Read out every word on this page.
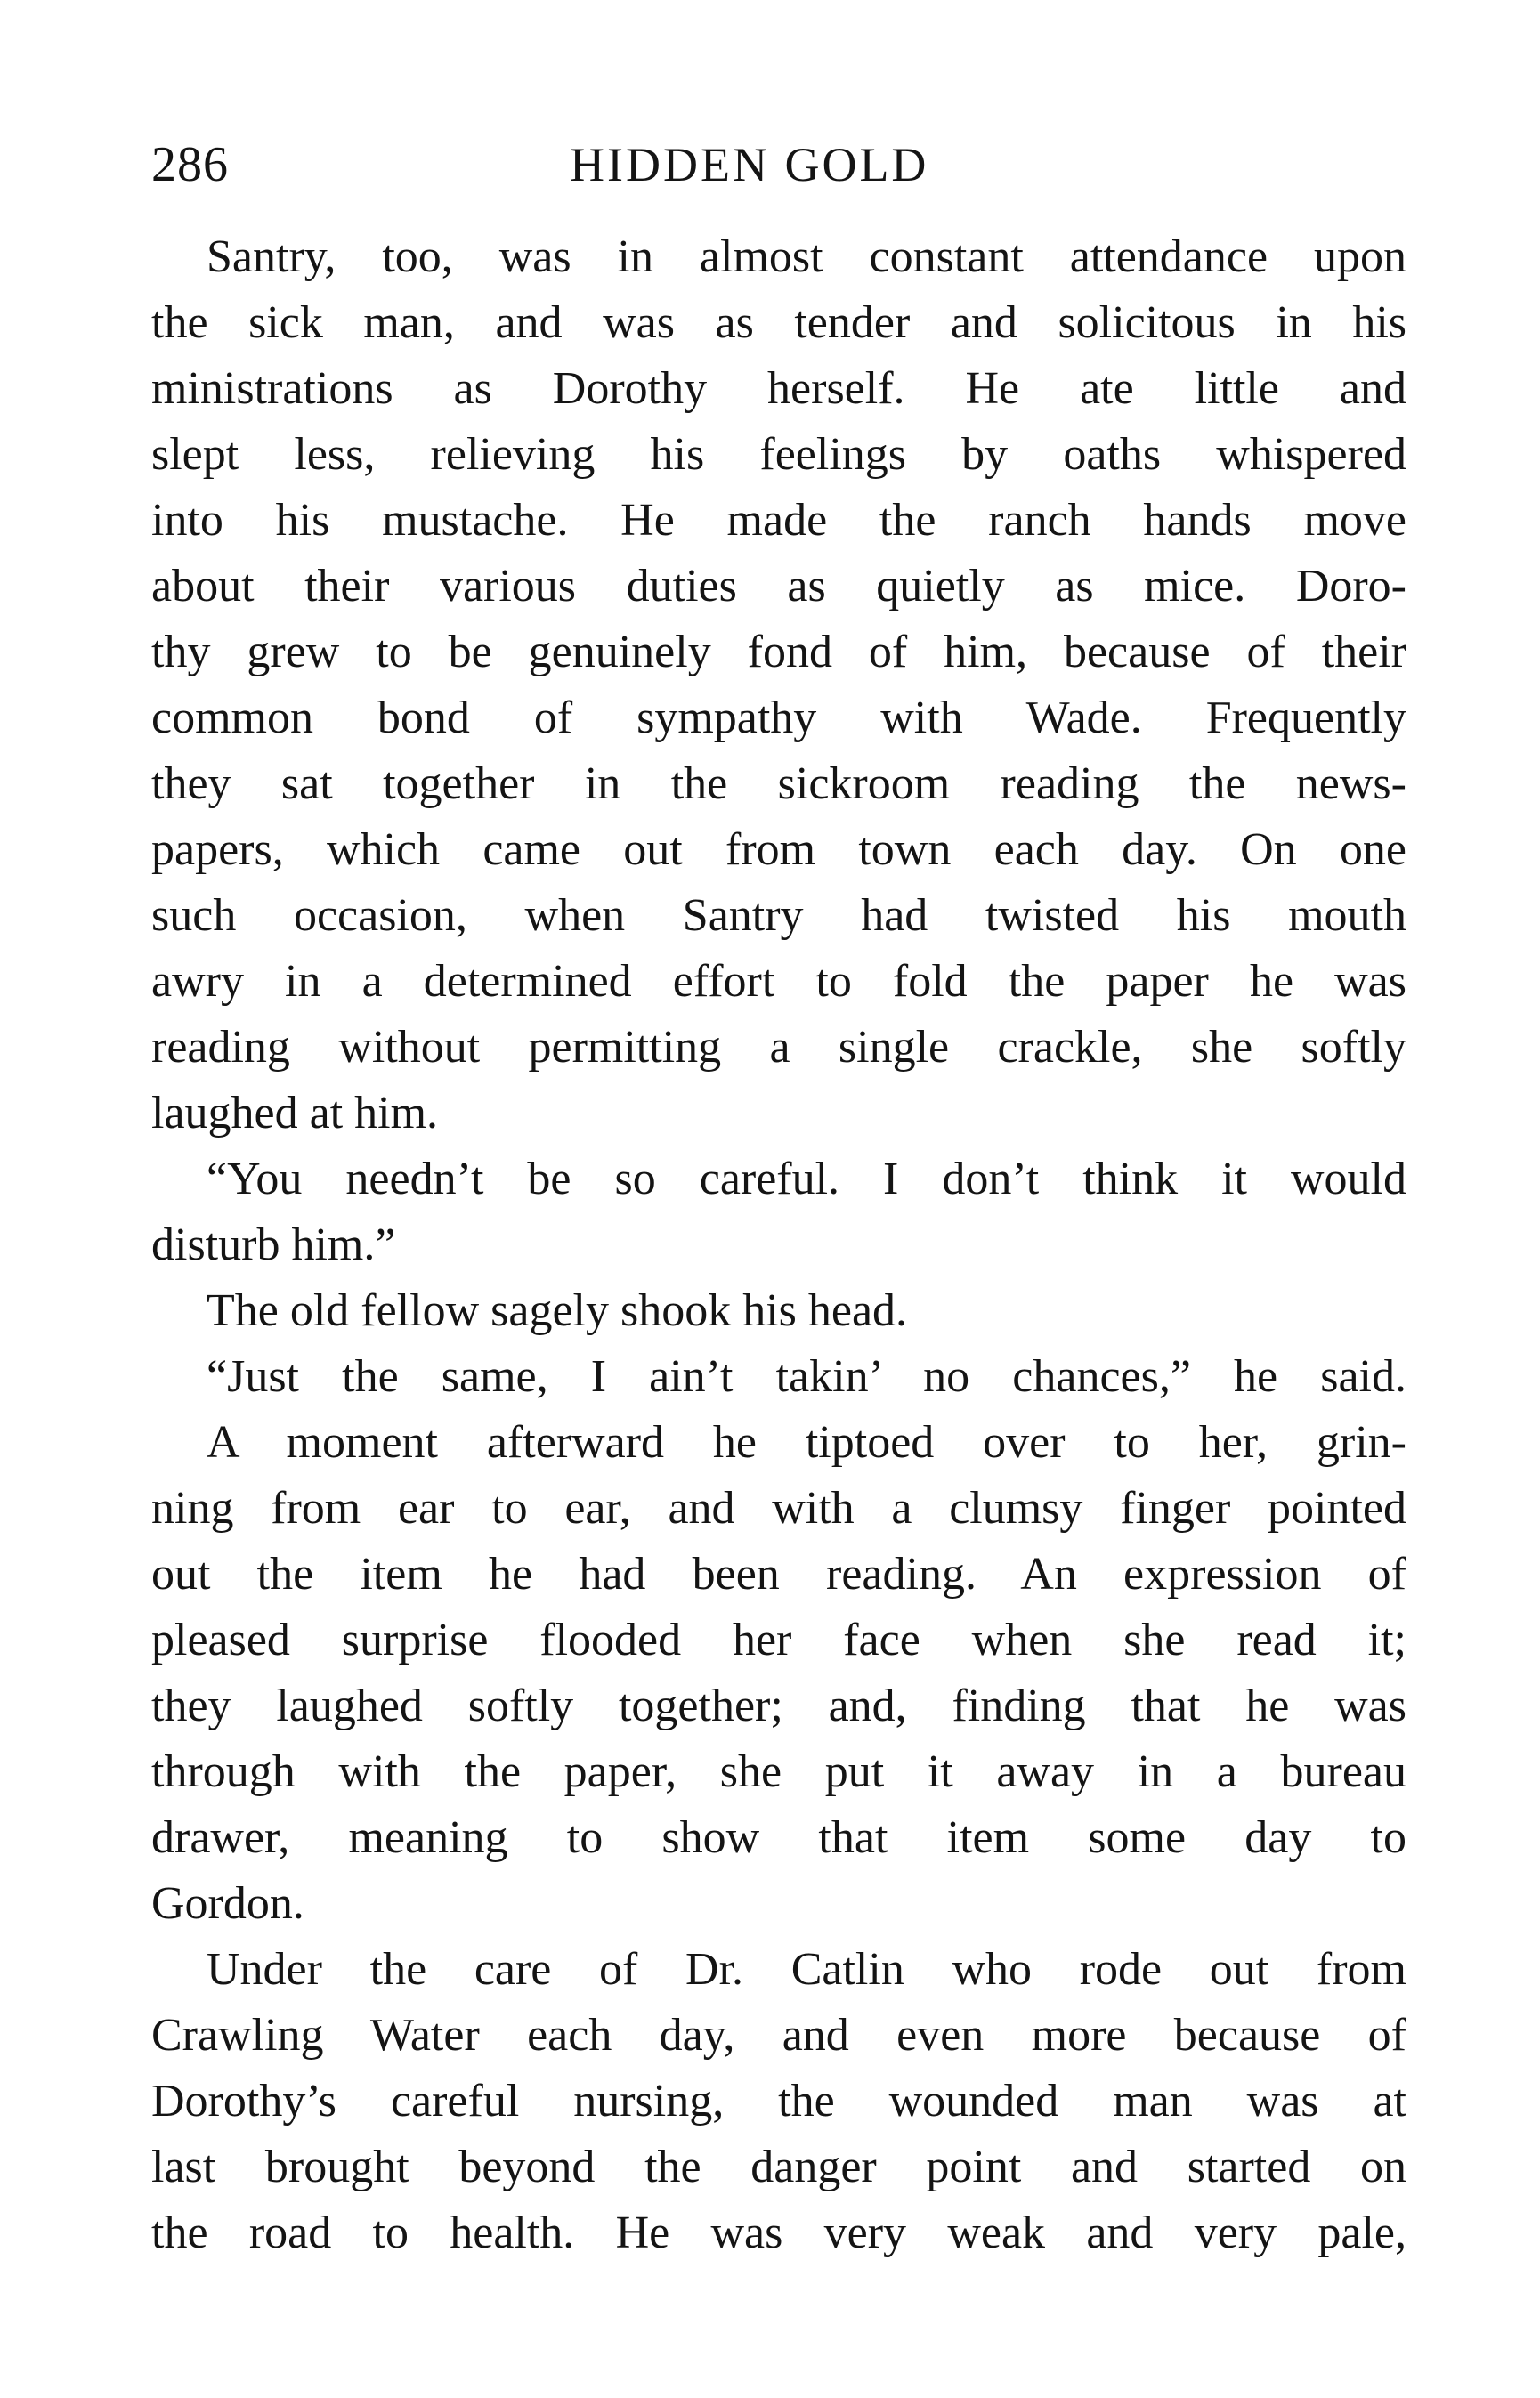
286	HIDDEN GOLD
Santry, too, was in almost constant attendance upon
the sick man, and was as tender and solicitous in his
ministrations as Dorothy herself. He ate little and
slept less, relieving his feelings by oaths whispered
into his mustache. He made the ranch hands move
about their various duties as quietly as mice. Doro-
thy grew to be genuinely fond of him, because of their
common bond of sympathy with Wade. Frequently
they sat together in the sickroom reading the news-
papers, which came out from town each day. On one
such occasion, when Santry had twisted his mouth
awry in a determined effort to fold the paper he was
reading without permitting a single crackle, she softly
laughed at him.
“You needn’t be so careful. I don’t think it would
disturb him.”
The old fellow sagely shook his head.
“Just the same, I ain’t takin’ no chances,” he said.
A moment afterward he tiptoed over to her, grin-
ning from ear to ear, and with a clumsy finger pointed
out the item he had been reading. An expression of
pleased surprise flooded her face when she read it;
they laughed softly together; and, finding that he was
through with the paper, she put it away in a bureau
drawer, meaning to show that item some day to
Gordon.
Under the care of Dr. Catlin who rode out from
Crawling Water each day, and even more because of
Dorothy’s careful nursing, the wounded man was at
last brought beyond the danger point and started on
the road to health. He was very weak and very pale,
